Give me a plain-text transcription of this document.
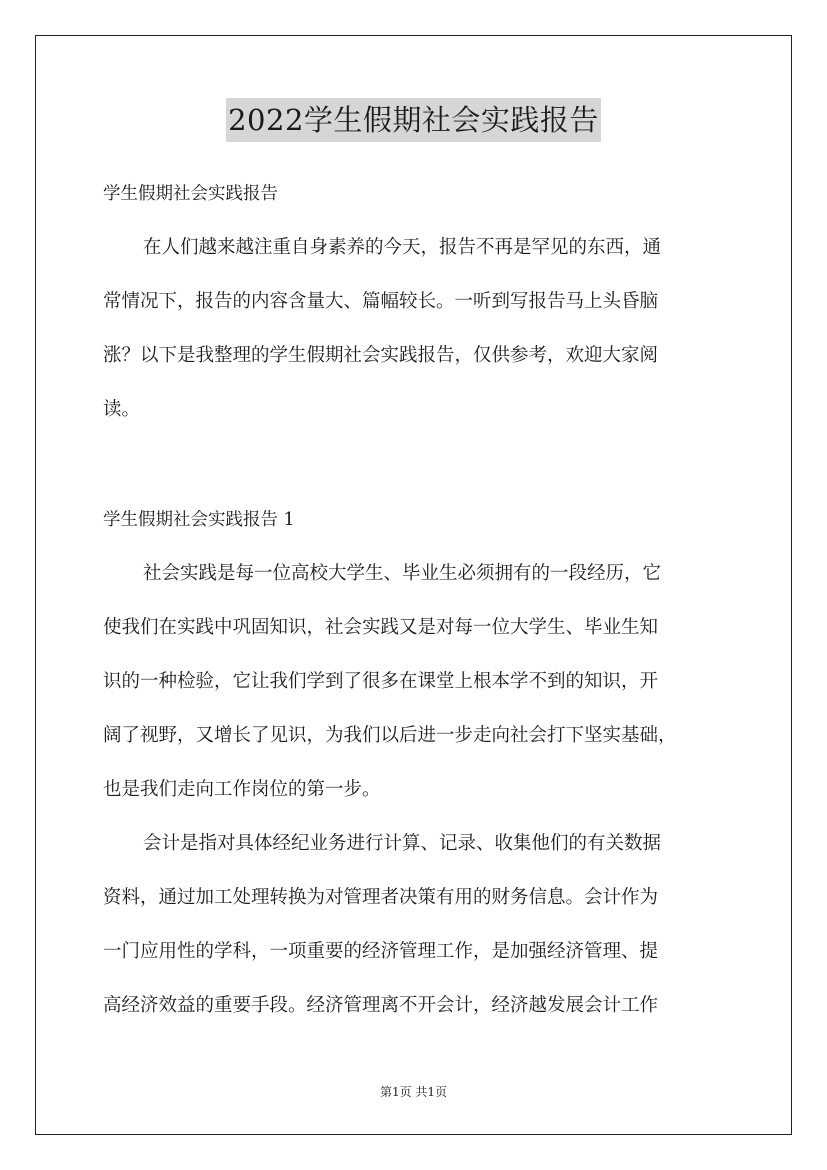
2022学生假期社会实践报告
学生假期社会实践报告
在人们越来越注重自身素养的今天，报告不再是罕见的东西，通
常情况下，报告的内容含量大、篇幅较长。一听到写报告马上头昏脑
涨？以下是我整理的学生假期社会实践报告，仅供参考，欢迎大家阅
读。
学生假期社会实践报告 1
社会实践是每一位高校大学生、毕业生必须拥有的一段经历，它
使我们在实践中巩固知识，社会实践又是对每一位大学生、毕业生知
识的一种检验，它让我们学到了很多在课堂上根本学不到的知识，开
阔了视野，又增长了见识，为我们以后进一步走向社会打下坚实基础，
也是我们走向工作岗位的第一步。
会计是指对具体经纪业务进行计算、记录、收集他们的有关数据
资料，通过加工处理转换为对管理者决策有用的财务信息。会计作为
一门应用性的学科，一项重要的经济管理工作，是加强经济管理、提
高经济效益的重要手段。经济管理离不开会计，经济越发展会计工作
第1页 共1页
